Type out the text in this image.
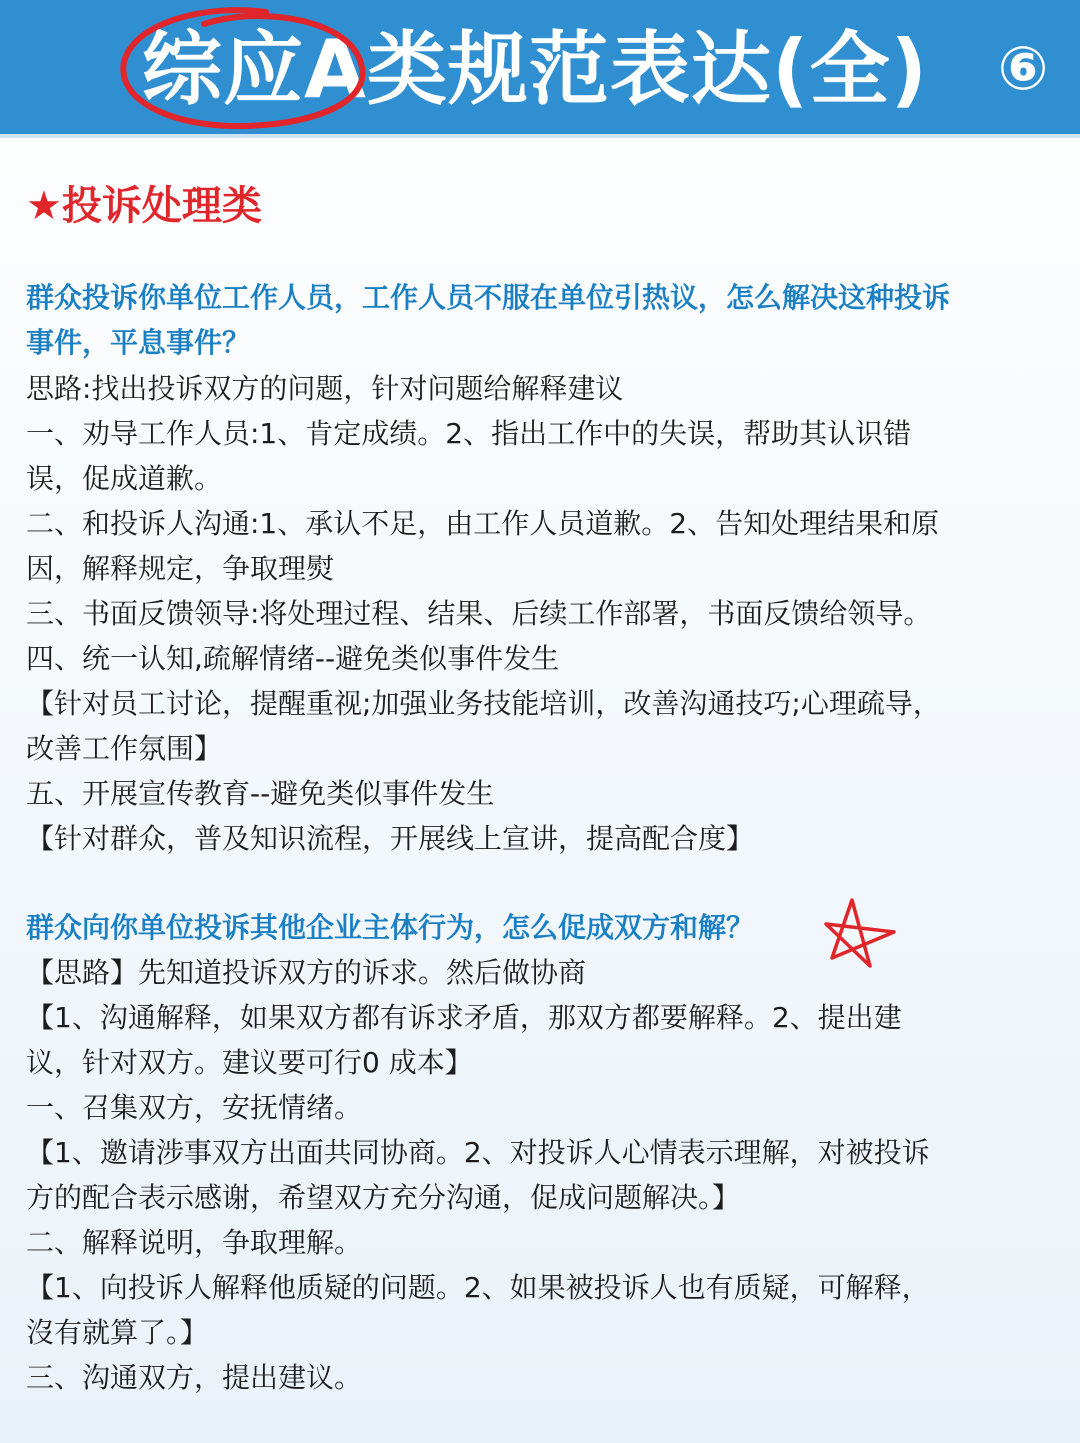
综应A类规范表达(全) ⑥
★投诉处理类
群众投诉你单位工作人员，工作人员不服在单位引热议，怎么解决这种投诉
事件，平息事件？
思路:找出投诉双方的问题，针对问题给解释建议
一、劝导工作人员:1、肯定成绩。2、指出工作中的失误，帮助其认识错
误，促成道歉。
二、和投诉人沟通:1、承认不足，由工作人员道歉。2、告知处理结果和原
因，解释规定，争取理熨
三、书面反馈领导:将处理过程、结果、后续工作部署，书面反馈给领导。
四、统一认知,疏解情绪--避免类似事件发生
【针对员工讨论，提醒重视;加强业务技能培训，改善沟通技巧;心理疏导，
改善工作氛围】
五、开展宣传教育--避免类似事件发生
【针对群众，普及知识流程，开展线上宣讲，提高配合度】
群众向你单位投诉其他企业主体行为，怎么促成双方和解？
【思路】先知道投诉双方的诉求。然后做协商
【1、沟通解释，如果双方都有诉求矛盾，那双方都要解释。2、提出建
议，针对双方。建议要可行0 成本】
一、召集双方，安抚情绪。
【1、邀请涉事双方出面共同协商。2、对投诉人心情表示理解，对被投诉
方的配合表示感谢，希望双方充分沟通，促成问题解决。】
二、解释说明，争取理解。
【1、向投诉人解释他质疑的问题。2、如果被投诉人也有质疑，可解释，
沒有就算了。】
三、沟通双方，提出建议。
